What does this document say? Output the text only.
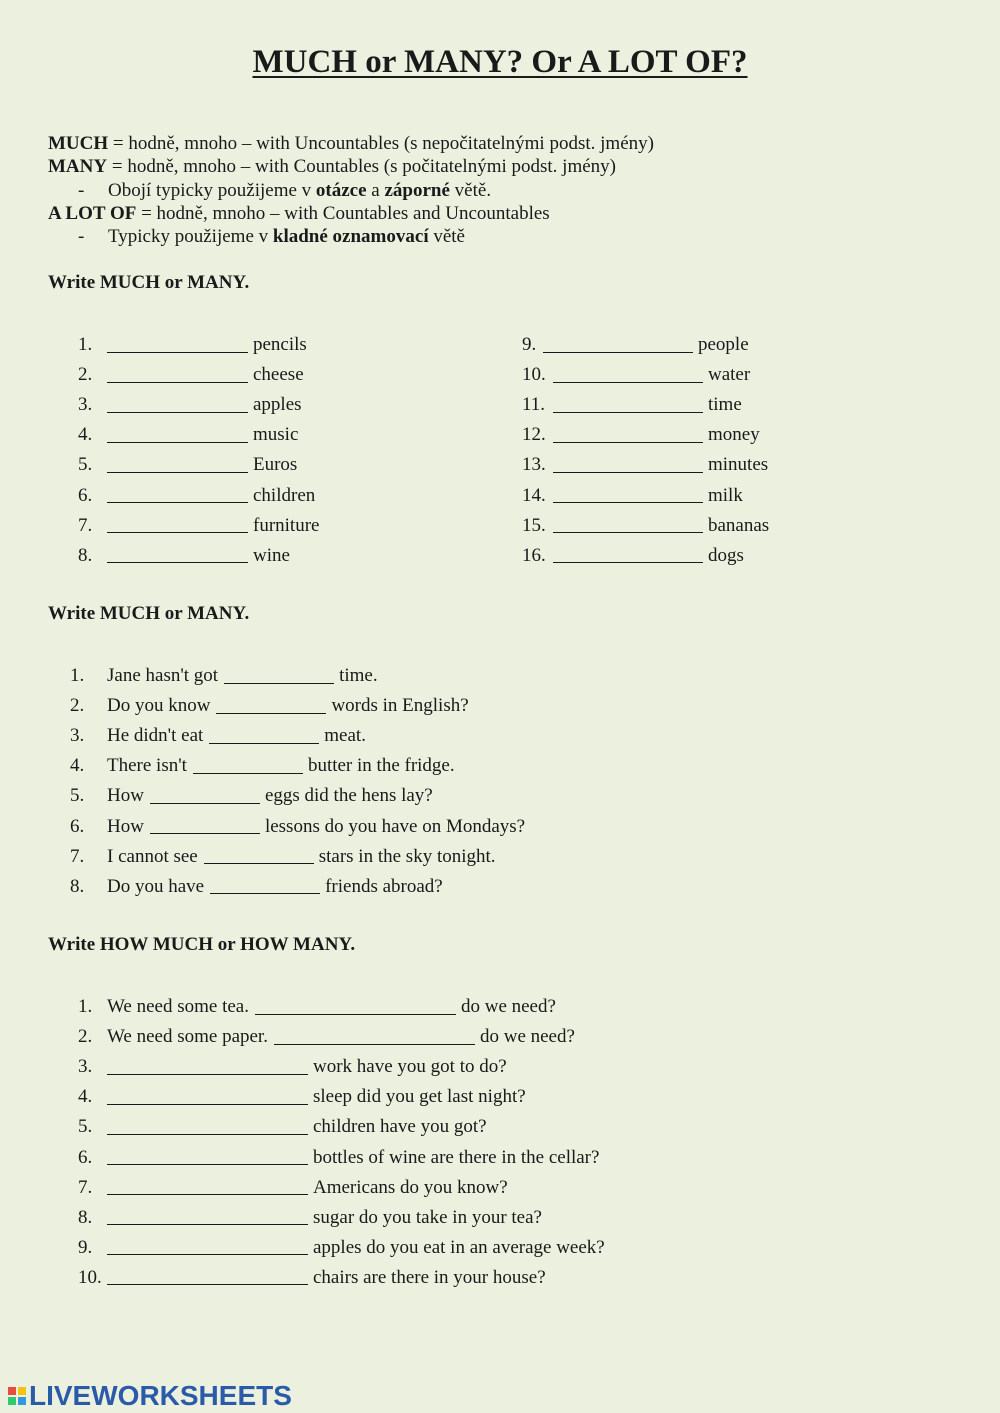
MUCH or MANY? Or A LOT OF?
MUCH = hodně, mnoho – with Uncountables (s nepočitatelnými podst. jmény)
MANY = hodně, mnoho – with Countables (s počitatelnými podst. jmény)
- Obojí typicky použijeme v otázce a záporné větě.
A LOT OF = hodně, mnoho – with Countables and Uncountables
- Typicky použijeme v kladné oznamovací větě
Write MUCH or MANY.
1.	pencils
2.	cheese
3.	apples
4.	music
5.	Euros
6.	children
7.	furniture
8.	wine
9.	people
10.	water
11.	time
12.	money
13.	minutes
14.	milk
15.	bananas
16.	dogs
Write MUCH or MANY.
1.	Jane hasn't got	time.
2.	Do you know	words in English?
3.	He didn't eat	meat.
4.	There isn't	butter in the fridge.
5.	How	eggs did the hens lay?
6.	How	lessons do you have on Mondays?
7.	I cannot see	stars in the sky tonight.
8.	Do you have	friends abroad?
Write HOW MUCH or HOW MANY.
1. We need some tea.	do we need?
2. We need some paper.	do we need?
3.	work have you got to do?
4.	sleep did you get last night?
5.	children have you got?
6.	bottles of wine are there in the cellar?
7.	Americans do you know?
8.	sugar do you take in your tea?
9.	apples do you eat in an average week?
10.	chairs are there in your house?
LIVEWORKSHEETS
